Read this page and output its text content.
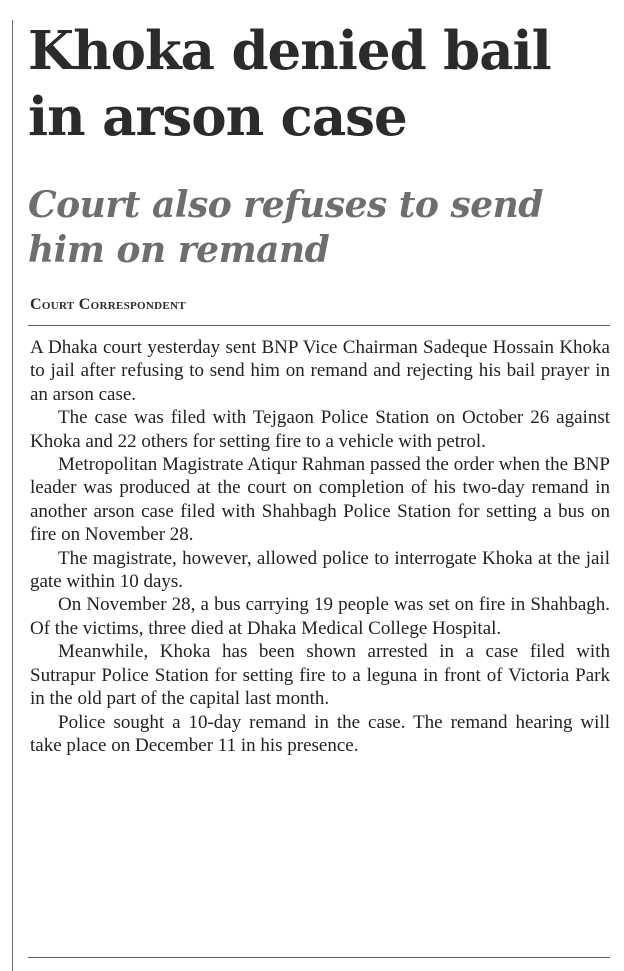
Khoka denied bail in arson case
Court also refuses to send him on remand
Court Correspondent

A Dhaka court yesterday sent BNP Vice Chairman Sadeque Hossain Khoka to jail after refusing to send him on remand and rejecting his bail prayer in an arson case.

The case was filed with Tejgaon Police Station on October 26 against Khoka and 22 others for setting fire to a vehicle with petrol.

Metropolitan Magistrate Atiqur Rahman passed the order when the BNP leader was produced at the court on completion of his two-day remand in another arson case filed with Shahbagh Police Station for setting a bus on fire on November 28.

The magistrate, however, allowed police to interrogate Khoka at the jail gate within 10 days.

On November 28, a bus carrying 19 people was set on fire in Shahbagh. Of the victims, three died at Dhaka Medical College Hospital.

Meanwhile, Khoka has been shown arrested in a case filed with Sutrapur Police Station for setting fire to a leguna in front of Victoria Park in the old part of the capital last month.

Police sought a 10-day remand in the case. The remand hearing will take place on December 11 in his presence.
